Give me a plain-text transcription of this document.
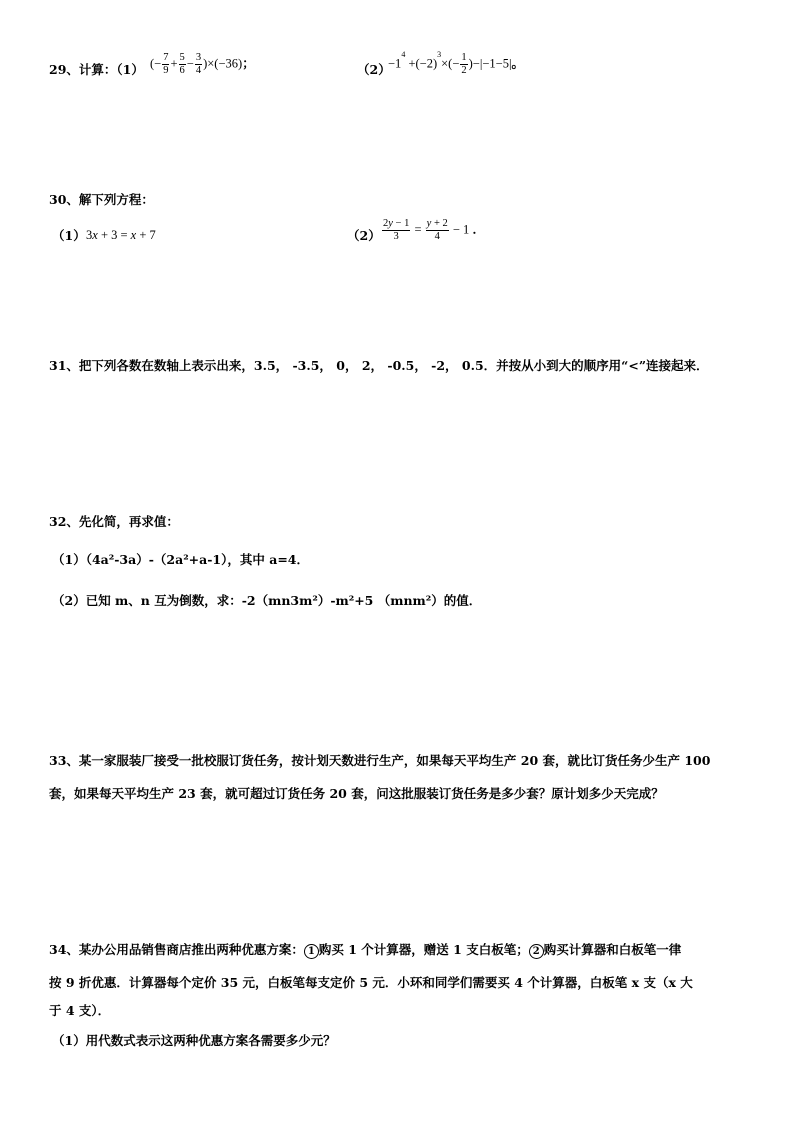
29、计算：（1） (− $\frac{7}{9} + \frac{5}{6} - \frac{3}{4} )\times(-36)$；	（2）
$-1^4 +(-2)^3\times(- \frac{1}{2} )-|-1-5|$。
30、解下列方程：
（1） 3x + 3 = x + 7	$(2) \frac{2y - 1}{3} = \frac{y + 2}{4} - 1$ ．
31、把下列各数在数轴上表示出来，3.5， -3.5， 0， 2， -0.5， -2， 0.5．并按从小到大的顺序用“<”连接起来．
32、先化简，再求值：
（1）（4a²-3a）-（2a²+a-1），其中 a=4．
（2）已知 m、n 互为倒数，求：-2（mn3m²）-m²+5 （mnm²）的值．
33、某一家服装厂接受一批校服订货任务，按计划天数进行生产，如果每天平均生产 20 套，就比订货任务少生产 100
套，如果每天平均生产 23 套，就可超过订货任务 20 套，问这批服装订货任务是多少套？原计划多少天完成？
34、某办公用品销售商店推出两种优惠方案： 1 购买 1 个计算器，赠送 1 支白板笔； 2 购买计算器和白板笔一律
按 9 折优惠．计算器每个定价 35 元，白板笔每支定价 5 元．小环和同学们需要买 4 个计算器，白板笔 x 支（x 大
于 4 支）．
（1）用代数式表示这两种优惠方案各需要多少元？
